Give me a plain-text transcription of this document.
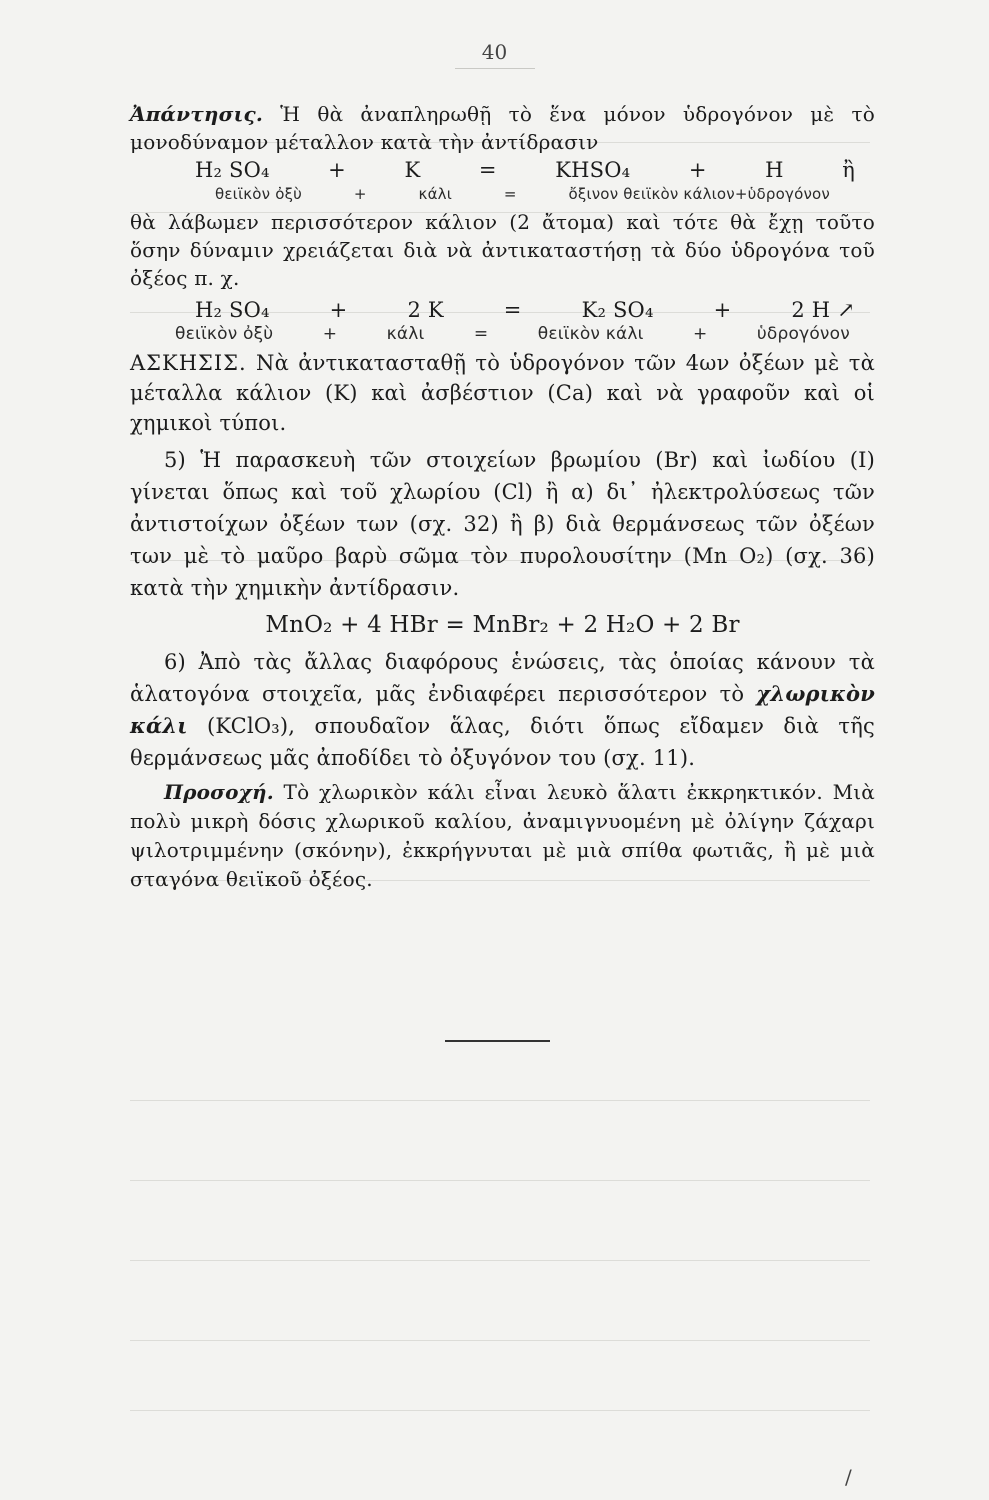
40

Ἀπάντησις. Ἡ θὰ ἀναπληρωθῇ τὸ ἕνα μόνον ὑδρογόνον μὲ τὸ μονοδύναμον μέταλλον κατὰ τὴν ἀντίδρασιν

H₂ SO₄	+	K	=	KHSO₄	+	H	ἢ
θειϊκὸν ὀξὺ	+	κάλι	=	ὄξινον θειϊκὸν κάλιον+ὑδρογόνον

θὰ λάβωμεν περισσότερον κάλιον (2 ἄτομα) καὶ τότε θὰ ἔχῃ τοῦτο ὅσην δύναμιν χρειάζεται διὰ νὰ ἀντικαταστήσῃ τὰ δύο ὑδρογόνα τοῦ ὀξέος π. χ.

H₂ SO₄	+	2 K	=	K₂ SO₄	+	2 H ↗
θειϊκὸν ὀξὺ	+	κάλι	=	θειϊκὸν κάλι	+	ὑδρογόνον

ΑΣΚΗΣΙΣ. Νὰ ἀντικατασταθῇ τὸ ὑδρογόνον τῶν 4ων ὀξέων μὲ τὰ μέταλλα κάλιον (K) καὶ ἀσβέστιον (Ca) καὶ νὰ γραφοῦν καὶ οἱ χημικοὶ τύποι.

5) Ἡ παρασκευὴ τῶν στοιχείων βρωμίου (Br) καὶ ἰωδίου (I) γίνεται ὅπως καὶ τοῦ χλωρίου (Cl) ἢ α) δι᾿ ἠλεκτρολύσεως τῶν ἀντιστοίχων ὀξέων των (σχ. 32) ἢ β) διὰ θερμάνσεως τῶν ὀξέων των μὲ τὸ μαῦρο βαρὺ σῶμα τὸν πυρολουσίτην (Mn O₂) (σχ. 36) κατὰ τὴν χημικὴν ἀντίδρασιν.

MnO₂ + 4 HBr = MnBr₂ + 2 H₂O + 2 Br

6) Ἀπὸ τὰς ἄλλας διαφόρους ἑνώσεις, τὰς ὁποίας κάνουν τὰ ἁλατογόνα στοιχεῖα, μᾶς ἐνδιαφέρει περισσότερον τὸ χλωρικὸν κάλι (KClO₃), σπουδαῖον ἅλας, διότι ὅπως εἴδαμεν διὰ τῆς θερμάνσεως μᾶς ἀποδίδει τὸ ὀξυγόνον του (σχ. 11).

Προσοχή. Τὸ χλωρικὸν κάλι εἶναι λευκὸ ἅλατι ἐκκρηκτικόν. Μιὰ πολὺ μικρὴ δόσις χλωρικοῦ καλίου, ἀναμιγνυομένη μὲ ὀλίγην ζάχαρι ψιλοτριμμένην (σκόνην), ἐκκρήγνυται μὲ μιὰ σπίθα φωτιᾶς, ἢ μὲ μιὰ σταγόνα θειϊκοῦ ὀξέος.

/
